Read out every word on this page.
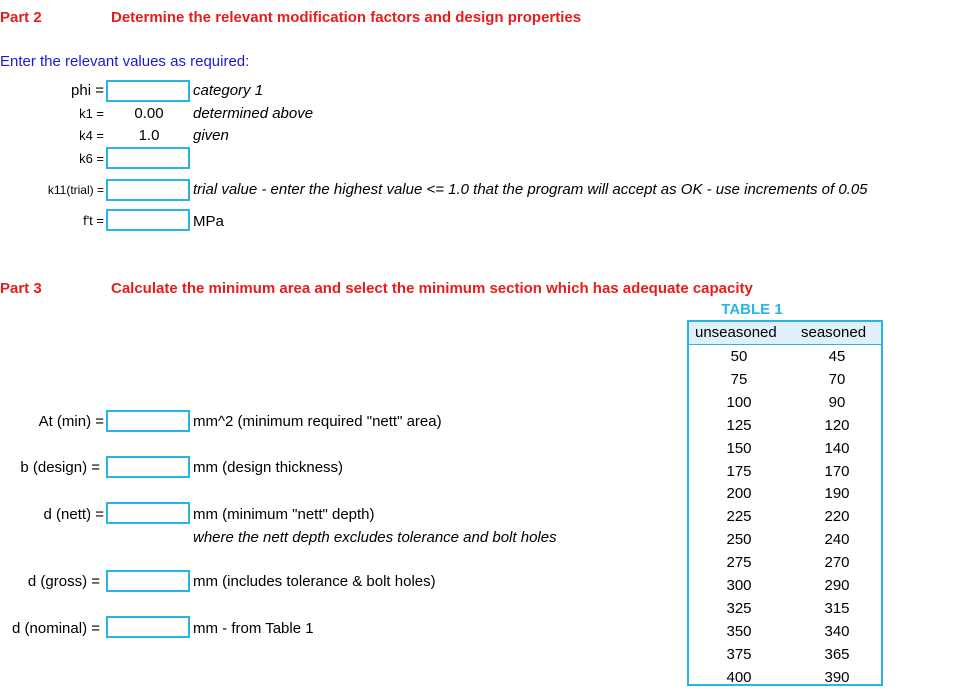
Part 2	Determine the relevant modification factors and design properties
Enter the relevant values as required:
phi =	category 1
k1 =	0.00	determined above
k4 =	1.0	given
k6 =
k11(trial) =	trial value - enter the highest value <= 1.0 that the program will accept as OK - use increments of 0.05
f't =	MPa
Part 3	Calculate the minimum area and select the minimum section which has adequate capacity
At (min) =	mm^2 (minimum required "nett" area)
b (design) =	mm (design thickness)
d (nett) =	mm (minimum "nett" depth)
where the nett depth excludes tolerance and bolt holes
d (gross) =	mm (includes tolerance & bolt holes)
d (nominal) =	mm - from Table 1
TABLE 1
unseasoned seasoned
50	45
75	70
100	90
125	120
150	140
175	170
200	190
225	220
250	240
275	270
300	290
325	315
350	340
375	365
400	390
